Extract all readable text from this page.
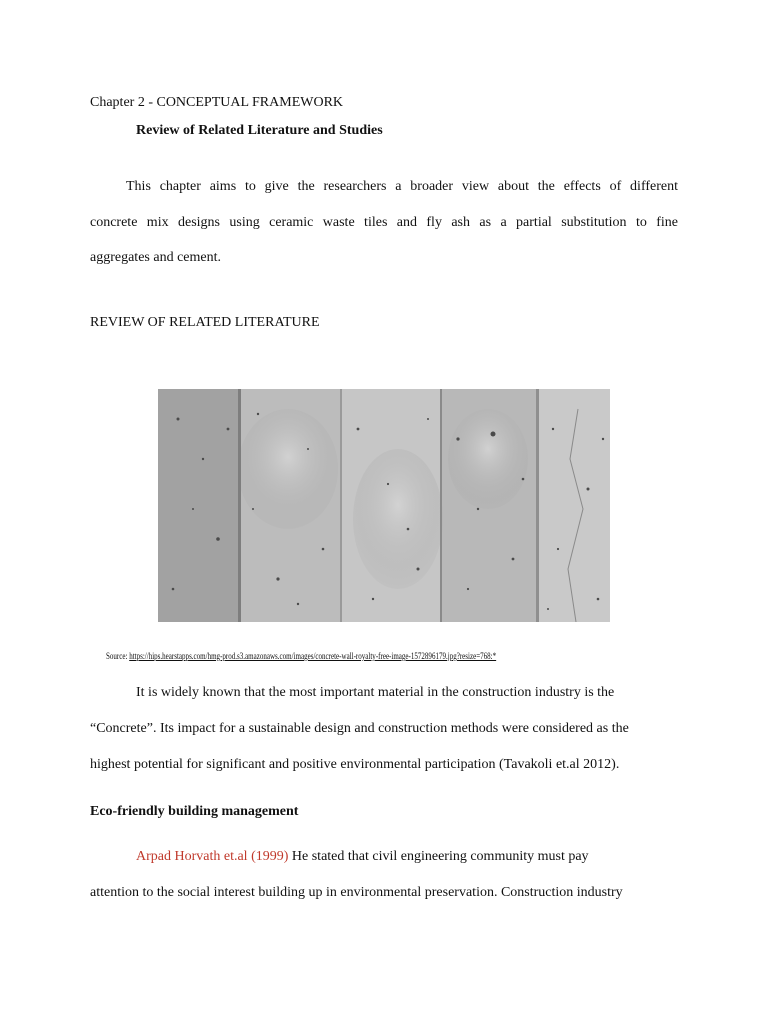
Chapter 2 - CONCEPTUAL FRAMEWORK
Review of Related Literature and Studies
This chapter aims to give the researchers a broader view about the effects of different
concrete mix designs using ceramic waste tiles and fly ash as a partial substitution to fine
aggregates and cement.
REVIEW OF RELATED LITERATURE
Source: https://hips.hearstapps.com/hmg-prod.s3.amazonaws.com/images/concrete-wall-royalty-free-image-1572896179.jpg?resize=768:*
It is widely known that the most important material in the construction industry is the
“Concrete”. Its impact for a sustainable design and construction methods were considered as the
highest potential for significant and positive environmental participation (Tavakoli et.al 2012).
Eco-friendly building management
Arpad Horvath et.al (1999) He stated that civil engineering community must pay
attention to the social interest building up in environmental preservation. Construction industry
